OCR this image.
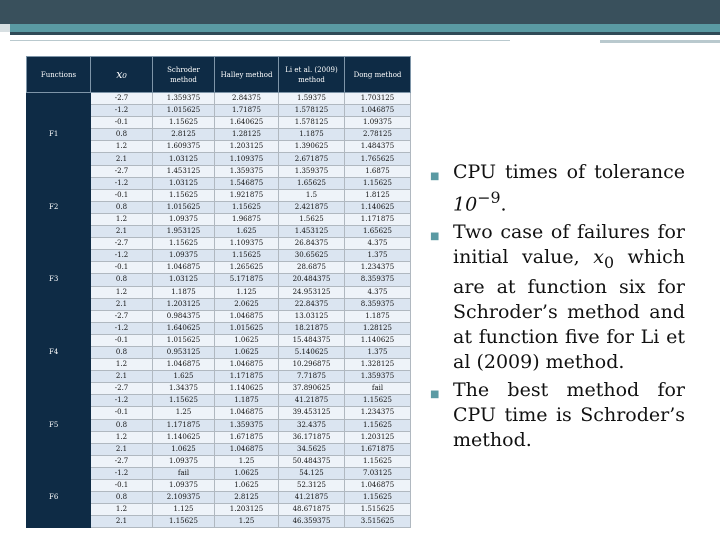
Functions	x₀	Schroder method	Halley method	Li et al. (2009) method	Dong method
	-2.7	1.359375	2.84375	1.59375	1.703125
	-1.2	1.015625	1.71875	1.578125	1.046875
	-0.1	1.15625	1.640625	1.578125	1.09375
F1	0.8	2.8125	1.28125	1.1875	2.78125
	1.2	1.609375	1.203125	1.390625	1.484375
	2.1	1.03125	1.109375	2.671875	1.765625
	-2.7	1.453125	1.359375	1.359375	1.6875
	-1.2	1.03125	1.546875	1.65625	1.15625
	-0.1	1.15625	1.921875	1.5	1.8125
F2	0.8	1.015625	1.15625	2.421875	1.140625
	1.2	1.09375	1.96875	1.5625	1.171875
	2.1	1.953125	1.625	1.453125	1.65625
	-2.7	1.15625	1.109375	26.84375	4.375
	-1.2	1.09375	1.15625	30.65625	1.375
	-0.1	1.046875	1.265625	28.6875	1.234375
F3	0.8	1.03125	5.171875	20.484375	8.359375
	1.2	1.1875	1.125	24.953125	4.375
	2.1	1.203125	2.0625	22.84375	8.359375
	-2.7	0.984375	1.046875	13.03125	1.1875
	-1.2	1.640625	1.015625	18.21875	1.28125
	-0.1	1.015625	1.0625	15.484375	1.140625
F4	0.8	0.953125	1.0625	5.140625	1.375
	1.2	1.046875	1.046875	10.296875	1.328125
	2.1	1.625	1.171875	7.71875	1.359375
	-2.7	1.34375	1.140625	37.890625	fail
	-1.2	1.15625	1.1875	41.21875	1.15625
	-0.1	1.25	1.046875	39.453125	1.234375
F5	0.8	1.171875	1.359375	32.4375	1.15625
	1.2	1.140625	1.671875	36.171875	1.203125
	2.1	1.0625	1.046875	34.5625	1.671875
	-2.7	1.09375	1.25	50.484375	1.15625
	-1.2	fail	1.0625	54.125	7.03125
	-0.1	1.09375	1.0625	52.3125	1.046875
F6	0.8	2.109375	2.8125	41.21875	1.15625
	1.2	1.125	1.203125	48.671875	1.515625
	2.1	1.15625	1.25	46.359375	3.515625
■ CPU times of tolerance $10^{-9}$.
■ Two case of failures for initial value, $x_0$ which are at function six for Schroder’s method and at function five for Li et al (2009) method.
■ The best method for CPU time is Schroder’s method.
